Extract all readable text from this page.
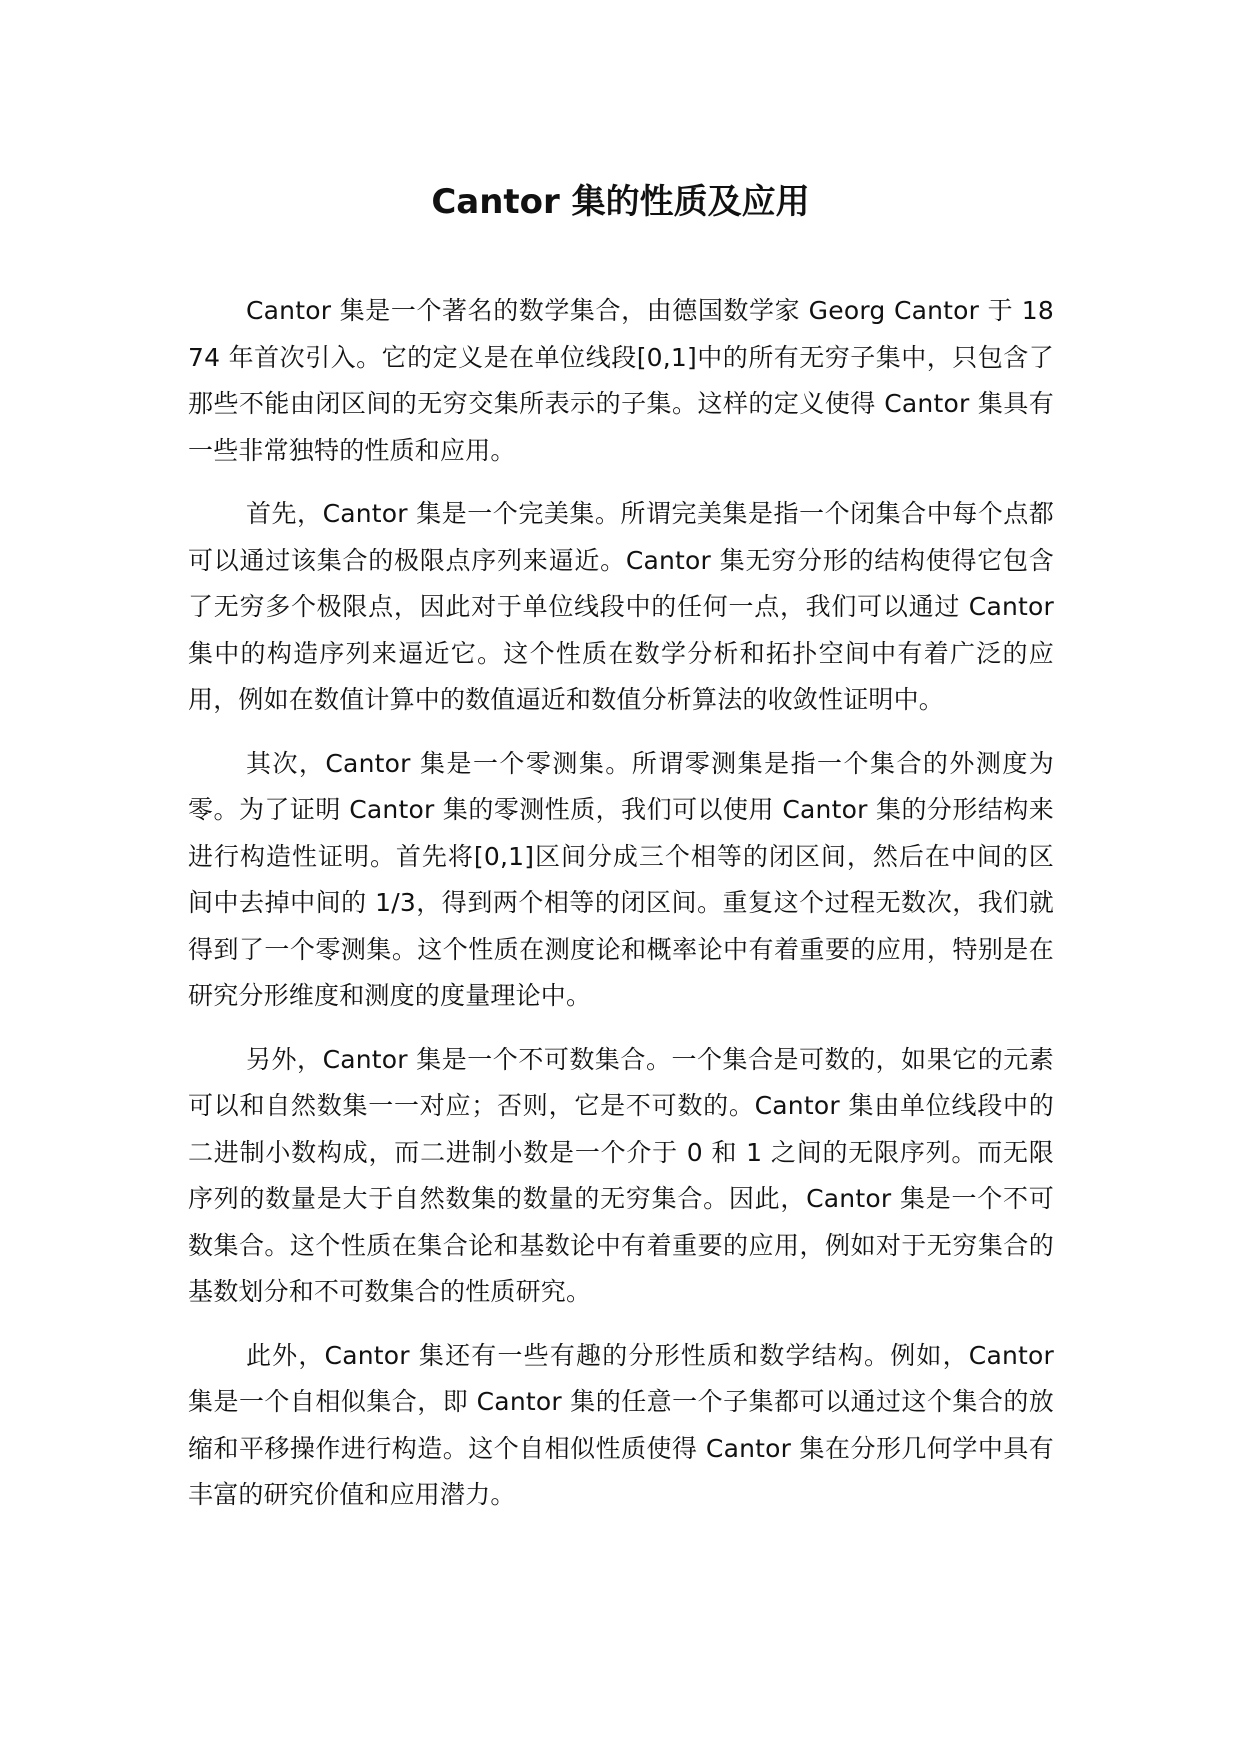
Cantor 集的性质及应用

Cantor 集是一个著名的数学集合，由德国数学家 Georg Cantor 于 1874 年首次引入。它的定义是在单位线段[0,1]中的所有无穷子集中，只包含了那些不能由闭区间的无穷交集所表示的子集。这样的定义使得 Cantor 集具有一些非常独特的性质和应用。

首先，Cantor 集是一个完美集。所谓完美集是指一个闭集合中每个点都可以通过该集合的极限点序列来逼近。Cantor 集无穷分形的结构使得它包含了无穷多个极限点，因此对于单位线段中的任何一点，我们可以通过 Cantor 集中的构造序列来逼近它。这个性质在数学分析和拓扑空间中有着广泛的应用，例如在数值计算中的数值逼近和数值分析算法的收敛性证明中。

其次，Cantor 集是一个零测集。所谓零测集是指一个集合的外测度为零。为了证明 Cantor 集的零测性质，我们可以使用 Cantor 集的分形结构来进行构造性证明。首先将[0,1]区间分成三个相等的闭区间，然后在中间的区间中去掉中间的 1/3，得到两个相等的闭区间。重复这个过程无数次，我们就得到了一个零测集。这个性质在测度论和概率论中有着重要的应用，特别是在研究分形维度和测度的度量理论中。

另外，Cantor 集是一个不可数集合。一个集合是可数的，如果它的元素可以和自然数集一一对应；否则，它是不可数的。Cantor 集由单位线段中的二进制小数构成，而二进制小数是一个介于 0 和 1 之间的无限序列。而无限序列的数量是大于自然数集的数量的无穷集合。因此，Cantor 集是一个不可数集合。这个性质在集合论和基数论中有着重要的应用，例如对于无穷集合的基数划分和不可数集合的性质研究。

此外，Cantor 集还有一些有趣的分形性质和数学结构。例如，Cantor 集是一个自相似集合，即 Cantor 集的任意一个子集都可以通过这个集合的放缩和平移操作进行构造。这个自相似性质使得 Cantor 集在分形几何学中具有丰富的研究价值和应用潜力。
